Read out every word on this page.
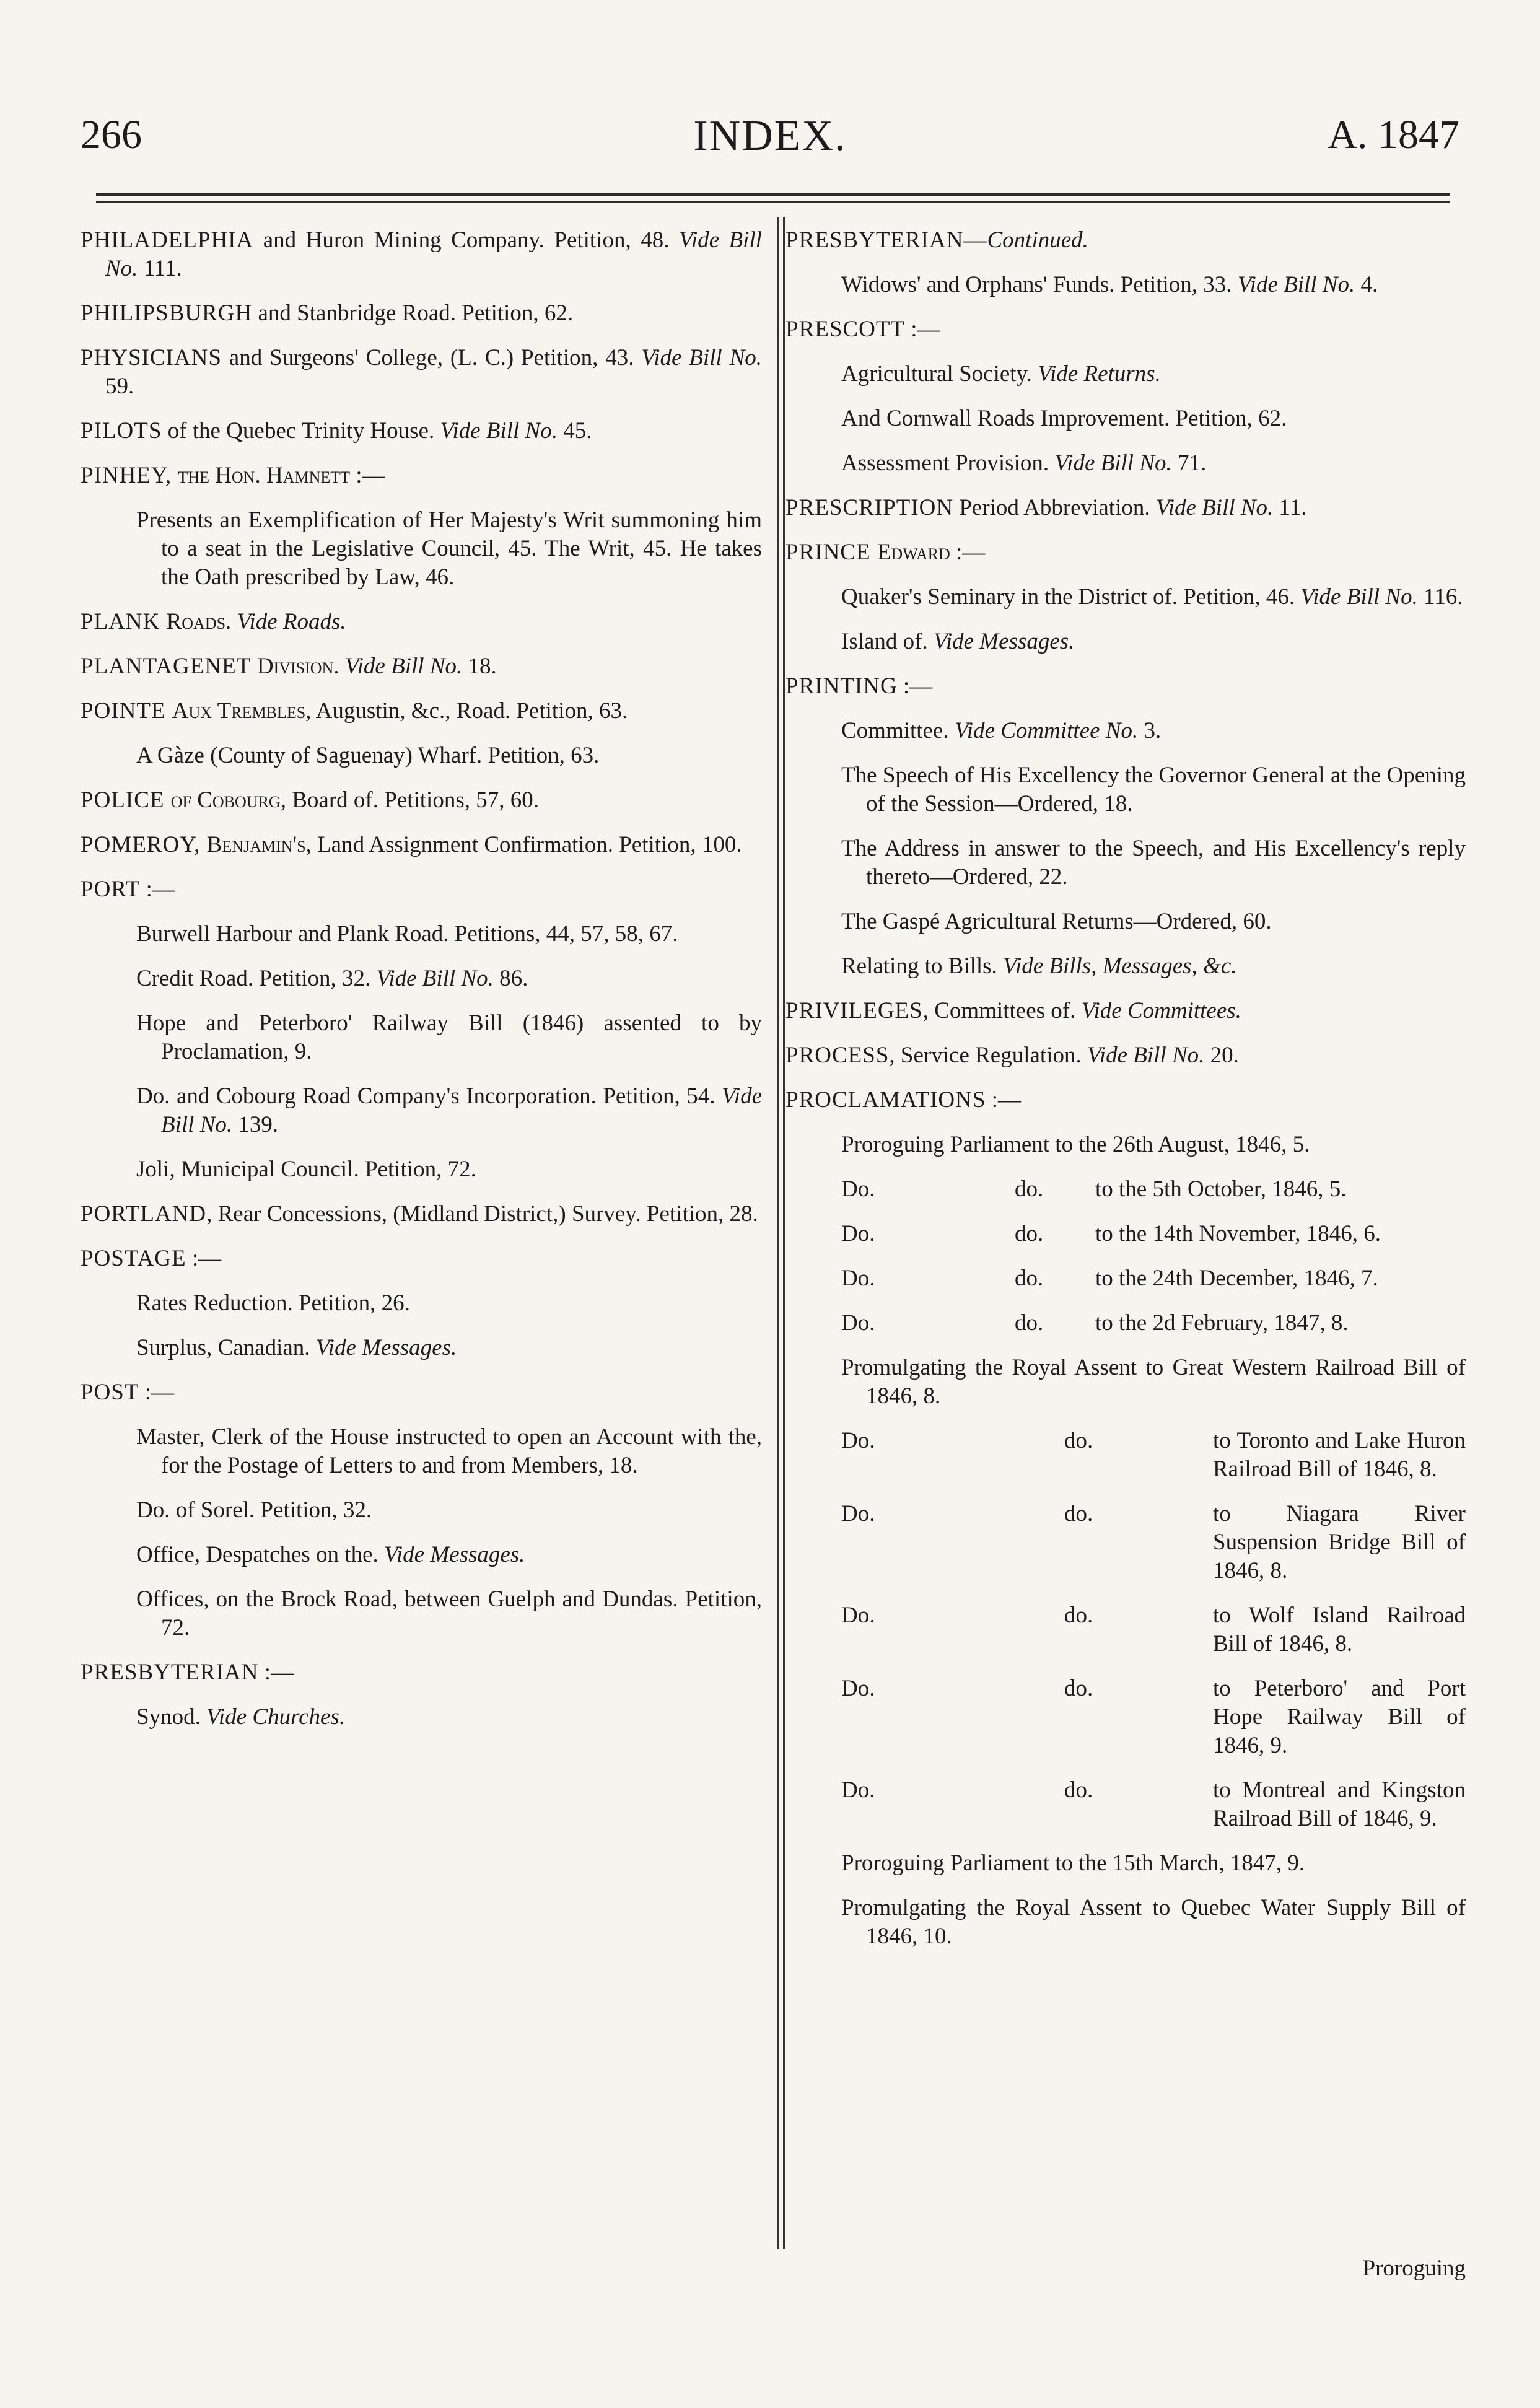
266	INDEX.	A. 1847
PHILADELPHIA and Huron Mining Company. Petition, 48. Vide Bill No. 111.
PHILIPSBURGH and Stanbridge Road. Petition, 62.
PHYSICIANS and Surgeons' College, (L. C.) Petition, 43. Vide Bill No. 59.
PILOTS of the Quebec Trinity House. Vide Bill No. 45.
PINHEY, the Hon. Hamnett :—
Presents an Exemplification of Her Majesty's Writ summoning him to a seat in the Legislative Council, 45. The Writ, 45. He takes the Oath prescribed by Law, 46.
PLANK Roads. Vide Roads.
PLANTAGENET Division. Vide Bill No. 18.
POINTE Aux Trembles, Augustin, &c., Road. Petition, 63.
A Gàze (County of Saguenay) Wharf. Petition, 63.
POLICE of Cobourg, Board of. Petitions, 57, 60.
POMEROY, Benjamin's, Land Assignment Confirmation. Petition, 100.
PORT :—
Burwell Harbour and Plank Road. Petitions, 44, 57, 58, 67.
Credit Road. Petition, 32. Vide Bill No. 86.
Hope and Peterboro' Railway Bill (1846) assented to by Proclamation, 9.
Do. and Cobourg Road Company's Incorporation. Petition, 54. Vide Bill No. 139.
Joli, Municipal Council. Petition, 72.
PORTLAND, Rear Concessions, (Midland District,) Survey. Petition, 28.
POSTAGE :—
Rates Reduction. Petition, 26.
Surplus, Canadian. Vide Messages.
POST :—
Master, Clerk of the House instructed to open an Account with the, for the Postage of Letters to and from Members, 18.
Do. of Sorel. Petition, 32.
Office, Despatches on the. Vide Messages.
Offices, on the Brock Road, between Guelph and Dundas. Petition, 72.
PRESBYTERIAN :—
Synod. Vide Churches.
PRESBYTERIAN—Continued.
Widows' and Orphans' Funds. Petition, 33. Vide Bill No. 4.
PRESCOTT :—
Agricultural Society. Vide Returns.
And Cornwall Roads Improvement. Petition, 62.
Assessment Provision. Vide Bill No. 71.
PRESCRIPTION Period Abbreviation. Vide Bill No. 11.
PRINCE Edward :—
Quaker's Seminary in the District of. Petition, 46. Vide Bill No. 116.
Island of. Vide Messages.
PRINTING :—
Committee. Vide Committee No. 3.
The Speech of His Excellency the Governor General at the Opening of the Session—Ordered, 18.
The Address in answer to the Speech, and His Excellency's reply thereto—Ordered, 22.
The Gaspé Agricultural Returns—Ordered, 60.
Relating to Bills. Vide Bills, Messages, &c.
PRIVILEGES, Committees of. Vide Committees.
PROCESS, Service Regulation. Vide Bill No. 20.
PROCLAMATIONS :—
Proroguing Parliament to the 26th August, 1846, 5.
Do.	do.	to the 5th October, 1846, 5.
Do.	do.	to the 14th November, 1846, 6.
Do.	do.	to the 24th December, 1846, 7.
Do.	do.	to the 2d February, 1847, 8.
Promulgating the Royal Assent to Great Western Railroad Bill of 1846, 8.
Do.	do.	to Toronto and Lake Huron Railroad Bill of 1846, 8.
Do.	do.	to Niagara River Suspension Bridge Bill of 1846, 8.
Do.	do.	to Wolf Island Railroad Bill of 1846, 8.
Do.	do.	to Peterboro' and Port Hope Railway Bill of 1846, 9.
Do.	do.	to Montreal and Kingston Railroad Bill of 1846, 9.
Proroguing Parliament to the 15th March, 1847, 9.
Promulgating the Royal Assent to Quebec Water Supply Bill of 1846, 10.
Proroguing
